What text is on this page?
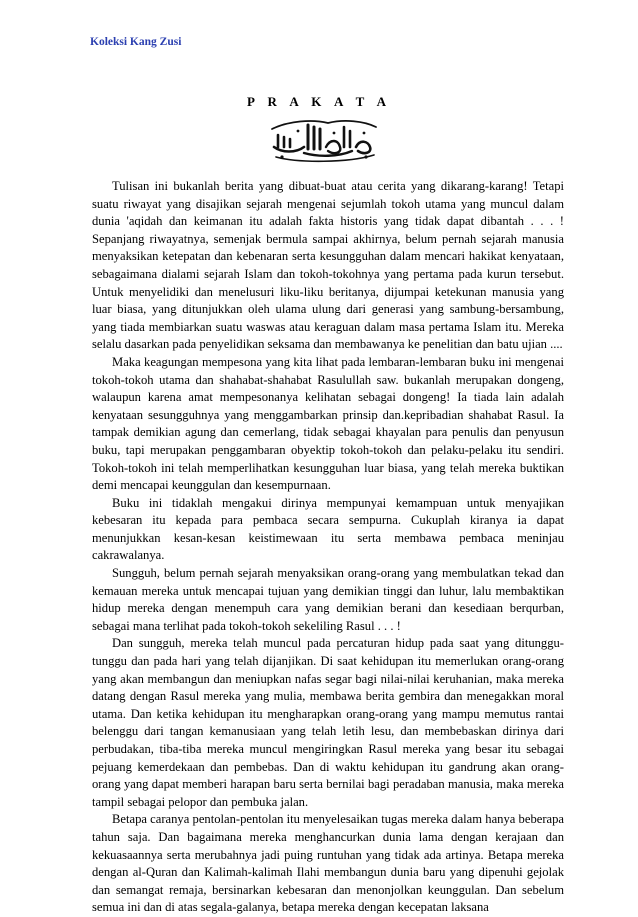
Koleksi Kang Zusi
P R A K A T A

Tulisan ini bukanlah berita yang dibuat-buat atau cerita yang dikarang-karang! Tetapi suatu riwayat yang disajikan sejarah mengenai sejumlah tokoh utama yang muncul dalam dunia 'aqidah dan keimanan itu adalah fakta historis yang tidak dapat dibantah . . . ! Sepanjang riwayatnya, semenjak bermula sampai akhirnya, belum pernah sejarah manusia menyaksikan ketepatan dan kebenaran serta kesungguhan dalam mencari hakikat kenyataan, sebagaimana dialami sejarah Islam dan tokoh-tokohnya yang pertama pada kurun tersebut. Untuk menyelidiki dan menelusuri liku-liku beritanya, dijumpai ketekunan manusia yang luar biasa, yang ditunjukkan oleh ulama ulung dari generasi yang sambung-bersambung, yang tiada membiarkan suatu waswas atau keraguan dalam masa pertama Islam itu. Mereka selalu dasarkan pada penyelidikan seksama dan membawanya ke penelitian dan batu ujian ....

Maka keagungan mempesona yang kita lihat pada lembaran-lembaran buku ini mengenai tokoh-tokoh utama dan shahabat-shahabat Rasulullah saw. bukanlah merupakan dongeng, walaupun karena amat mempesonanya kelihatan sebagai dongeng! Ia tiada lain adalah kenyataan sesungguhnya yang menggambarkan prinsip dan.kepribadian shahabat Rasul. Ia tampak demikian agung dan cemerlang, tidak sebagai khayalan para penulis dan penyusun buku, tapi merupakan penggambaran obyektip tokoh-tokoh dan pelaku-pelaku itu sendiri. Tokoh-tokoh ini telah memperlihatkan kesungguhan luar biasa, yang telah mereka buktikan demi mencapai keunggulan dan kesempurnaan.

Buku ini tidaklah mengakui dirinya mempunyai kemampuan untuk menyajikan kebesaran itu kepada para pembaca secara sempurna. Cukuplah kiranya ia dapat menunjukkan kesan-kesan keistimewaan itu serta membawa pembaca meninjau cakrawalanya.

Sungguh, belum pernah sejarah menyaksikan orang-orang yang membulatkan tekad dan kemauan mereka untuk mencapai tujuan yang demikian tinggi dan luhur, lalu membaktikan hidup mereka dengan menempuh cara yang demikian berani dan kesediaan berqurban, sebagai mana terlihat pada tokoh-tokoh sekeliling Rasul . . . !

Dan sungguh, mereka telah muncul pada percaturan hidup pada saat yang ditunggu-tunggu dan pada hari yang telah dijanjikan. Di saat kehidupan itu memerlukan orang-orang yang akan membangun dan meniupkan nafas segar bagi nilai-nilai keruhanian, maka mereka datang dengan Rasul mereka yang mulia, membawa berita gembira dan menegakkan moral utama. Dan ketika kehidupan itu mengharapkan orang-orang yang mampu memutus rantai belenggu dari tangan kemanusiaan yang telah letih lesu, dan membebaskan dirinya dari perbudakan, tiba-tiba mereka muncul mengiringkan Rasul mereka yang besar itu sebagai pejuang kemerdekaan dan pembebas. Dan di waktu kehidupan itu gandrung akan orang-orang yang dapat memberi harapan baru serta bernilai bagi peradaban manusia, maka mereka tampil sebagai pelopor dan pembuka jalan.

Betapa caranya pentolan-pentolan itu menyelesaikan tugas mereka dalam hanya beberapa tahun saja. Dan bagaimana mereka menghancurkan dunia lama dengan kerajaan dan kekuasaannya serta merubahnya jadi puing runtuhan yang tidak ada artinya. Betapa mereka dengan al-Quran dan Kalimah-kalimah Ilahi membangun dunia baru yang dipenuhi gejolak dan semangat remaja, bersinarkan kebesaran dan menonjolkan keunggulan. Dan sebelum semua ini dan di atas segala-galanya, betapa mereka dengan kecepatan laksana
